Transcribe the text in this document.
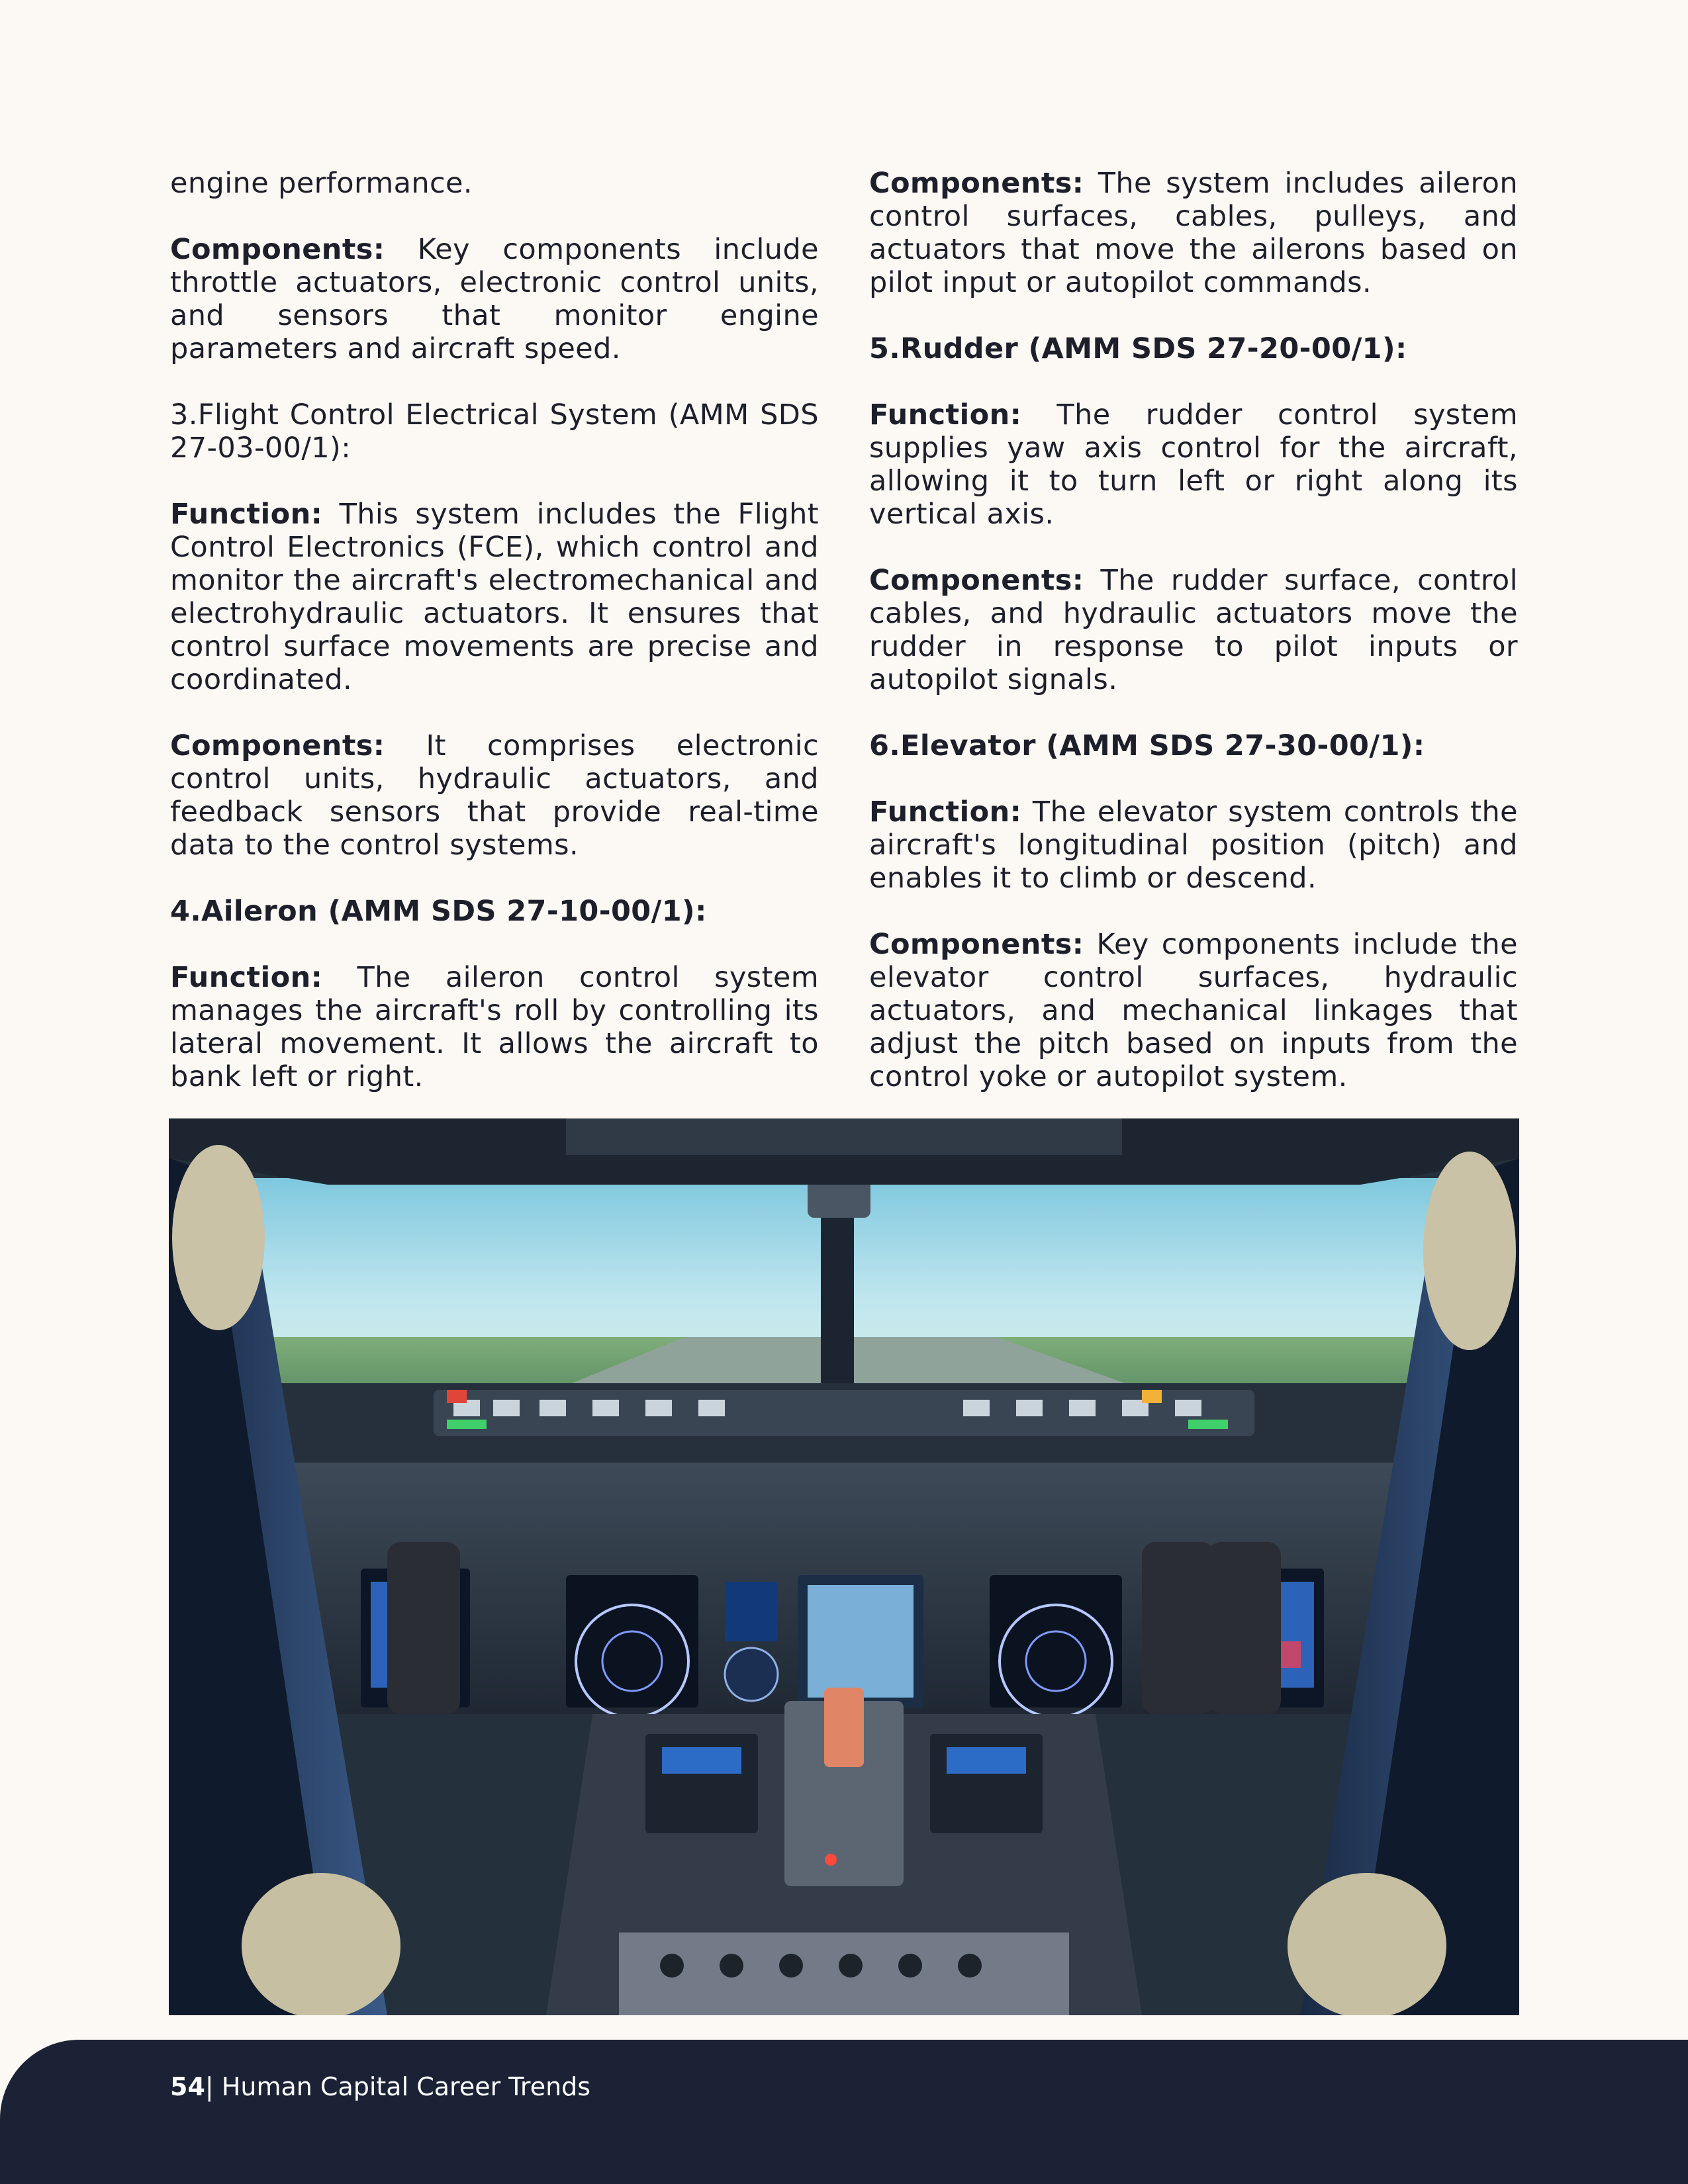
engine performance.

Components: Key components include throttle actuators, electronic control units, and sensors that monitor engine parameters and aircraft speed.

3.Flight Control Electrical System (AMM SDS 27-03-00/1):

Function: This system includes the Flight Control Electronics (FCE), which control and monitor the aircraft's electromechanical and electrohydraulic actuators. It ensures that control surface movements are precise and coordinated.

Components: It comprises electronic control units, hydraulic actuators, and feedback sensors that provide real-time data to the control systems.

4.Aileron (AMM SDS 27-10-00/1):

Function: The aileron control system manages the aircraft's roll by controlling its lateral movement. It allows the aircraft to bank left or right.

Components: The system includes aileron control surfaces, cables, pulleys, and actuators that move the ailerons based on pilot input or autopilot commands.

5.Rudder (AMM SDS 27-20-00/1):

Function: The rudder control system supplies yaw axis control for the aircraft, allowing it to turn left or right along its vertical axis.

Components: The rudder surface, control cables, and hydraulic actuators move the rudder in response to pilot inputs or autopilot signals.

6.Elevator (AMM SDS 27-30-00/1):

Function: The elevator system controls the aircraft's longitudinal position (pitch) and enables it to climb or descend.

Components: Key components include the elevator control surfaces, hydraulic actuators, and mechanical linkages that adjust the pitch based on inputs from the control yoke or autopilot system.

54| Human Capital Career Trends
